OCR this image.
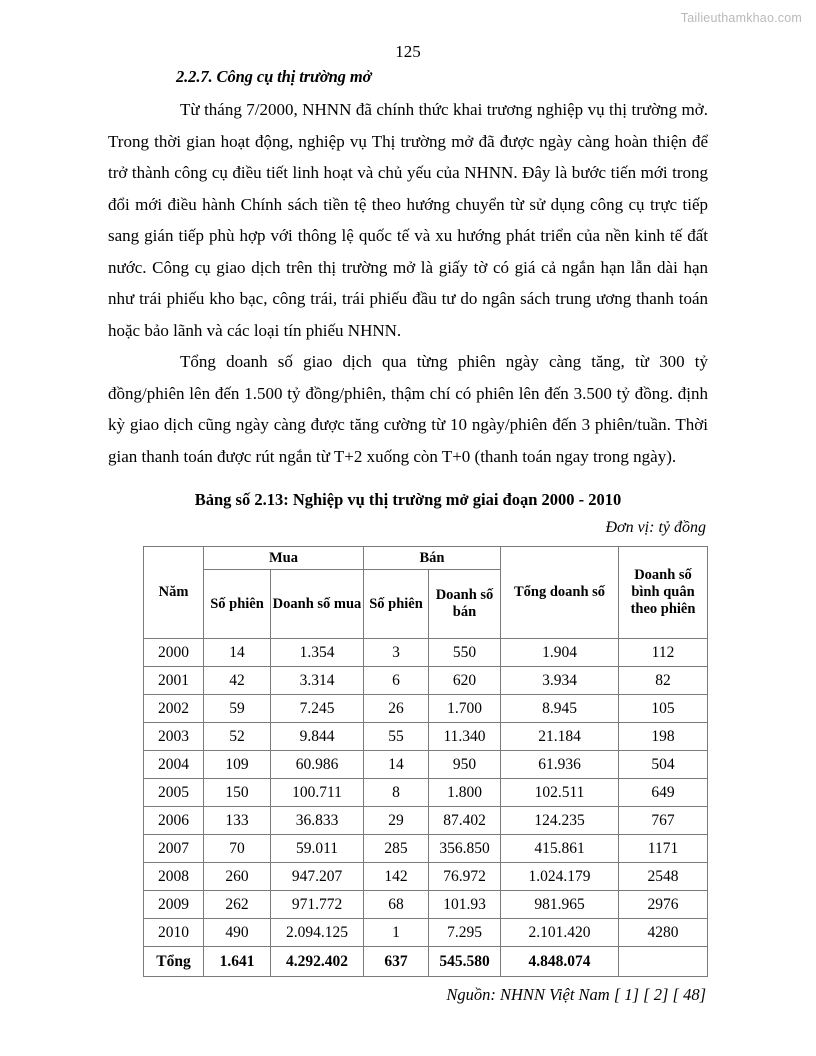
Tailieuthamkhao.com
125
2.2.7. Công cụ thị trường mở

Từ tháng 7/2000, NHNN đã chính thức khai trương nghiệp vụ thị trường mở. Trong thời gian hoạt động, nghiệp vụ Thị trường mở đã được ngày càng hoàn thiện để trở thành công cụ điều tiết linh hoạt và chủ yếu của NHNN. Đây là bước tiến mới trong đổi mới điều hành Chính sách tiền tệ theo hướng chuyển từ sử dụng công cụ trực tiếp sang gián tiếp phù hợp với thông lệ quốc tế và xu hướng phát triển của nền kinh tế đất nước. Công cụ giao dịch trên thị trường mở là giấy tờ có giá cả ngắn hạn lẫn dài hạn như trái phiếu kho bạc, công trái, trái phiếu đầu tư do ngân sách trung ương thanh toán hoặc bảo lãnh và các loại tín phiếu NHNN.

Tổng doanh số giao dịch qua từng phiên ngày càng tăng, từ 300 tỷ đồng/phiên lên đến 1.500 tỷ đồng/phiên, thậm chí có phiên lên đến 3.500 tỷ đồng. định kỳ giao dịch cũng ngày càng được tăng cường từ 10 ngày/phiên đến 3 phiên/tuần. Thời gian thanh toán được rút ngắn từ T+2 xuống còn T+0 (thanh toán ngay trong ngày).

Bảng số 2.13: Nghiệp vụ thị trường mở giai đoạn 2000 - 2010
Đơn vị: tỷ đồng
Năm	Mua		Bán		Tổng doanh số	Doanh số bình quân theo phiên
	Số phiên	Doanh số mua	Số phiên	Doanh số bán		
2000	14	1.354	3	550	1.904	112
2001	42	3.314	6	620	3.934	82
2002	59	7.245	26	1.700	8.945	105
2003	52	9.844	55	11.340	21.184	198
2004	109	60.986	14	950	61.936	504
2005	150	100.711	8	1.800	102.511	649
2006	133	36.833	29	87.402	124.235	767
2007	70	59.011	285	356.850	415.861	1171
2008	260	947.207	142	76.972	1.024.179	2548
2009	262	971.772	68	101.93	981.965	2976
2010	490	2.094.125	1	7.295	2.101.420	4280
Tổng	1.641	4.292.402	637	545.580	4.848.074	
Nguồn: NHNN Việt Nam [ 1] [ 2] [ 48]
